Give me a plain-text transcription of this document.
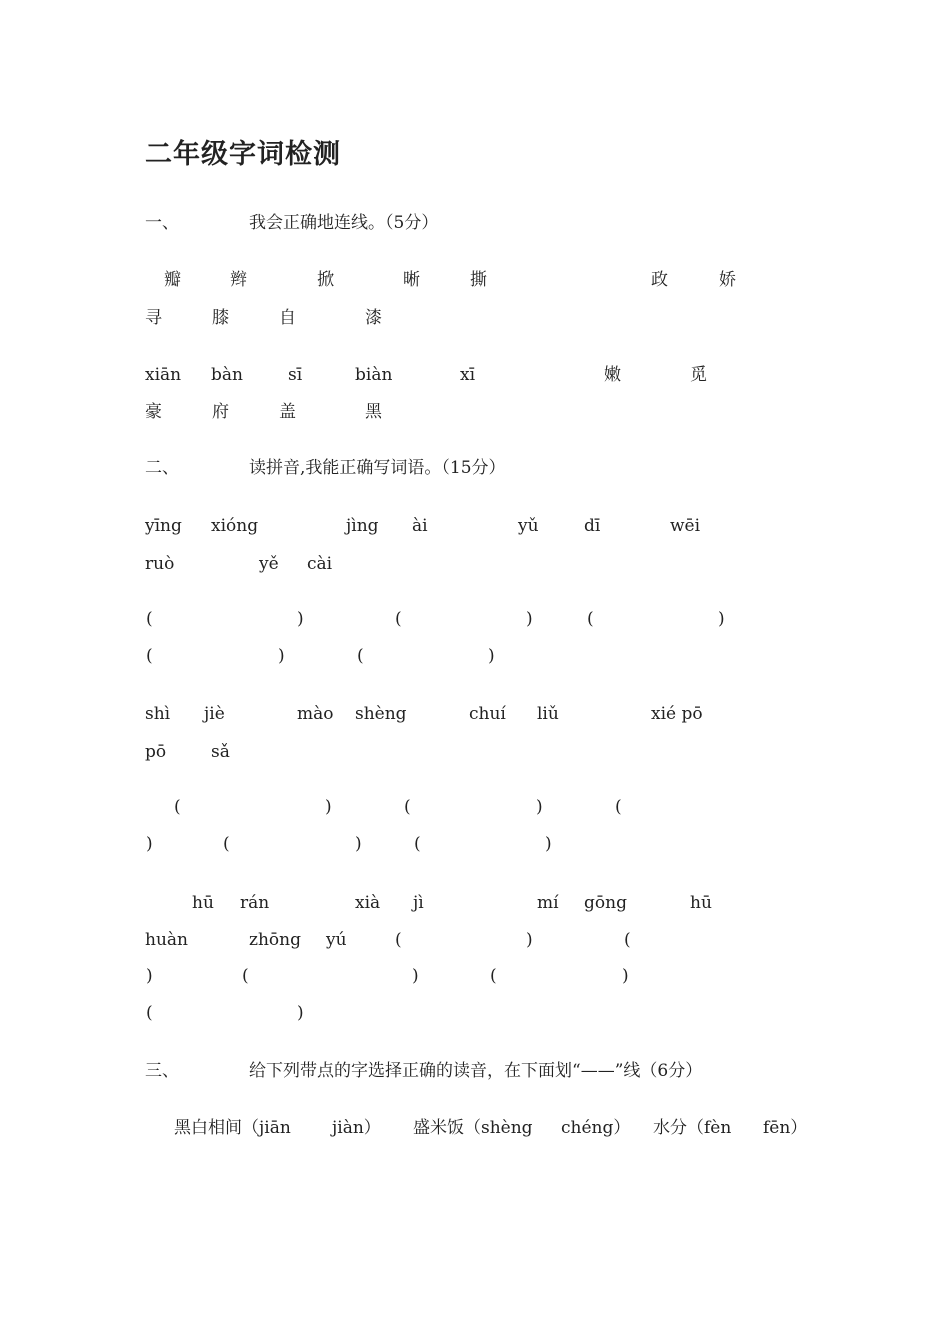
二年级字词检测
一、	我会正确地连线。（5分）
瓣	辫	掀	晰	撕	政	娇
寻	膝	自	漆
xiān bàn	sī	biàn	xī	嫩	觅
豪	府	盖	黑
二、	读拼音,我能正确写词语。（15分）
yīng xióng	jìng ài	yǔ	dī	wēi
ruò	yě cài
(	)	(	)	(	)
(	)	(	)
shì jiè	mào shèng	chuí liǔ	xié pō
pō	sǎ
(	)	(	)	(
)	(	)	(	)
hū rán	xià jì	mí gōng	hū
huàn	zhōng yú	(	)	(
)	(	)	(	)
(	)
三、	给下列带点的字选择正确的读音，在下面划“——”线（6分）
黑白相间（jiān jiàn） 盛米饭（shèng chéng） 水分（fèn fēn）
